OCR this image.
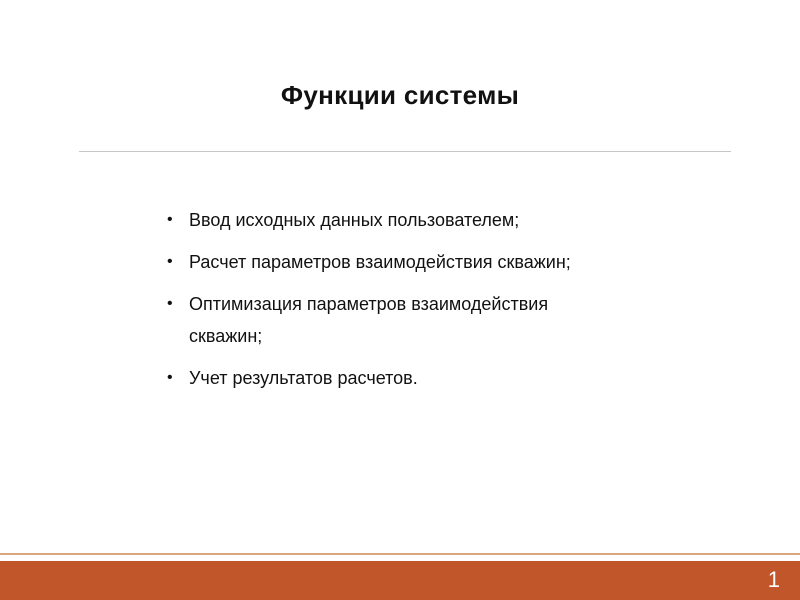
Функции системы
• Ввод исходных данных пользователем;
• Расчет параметров взаимодействия скважин;
• Оптимизация параметров взаимодействия
скважин;
• Учет результатов расчетов.
1
